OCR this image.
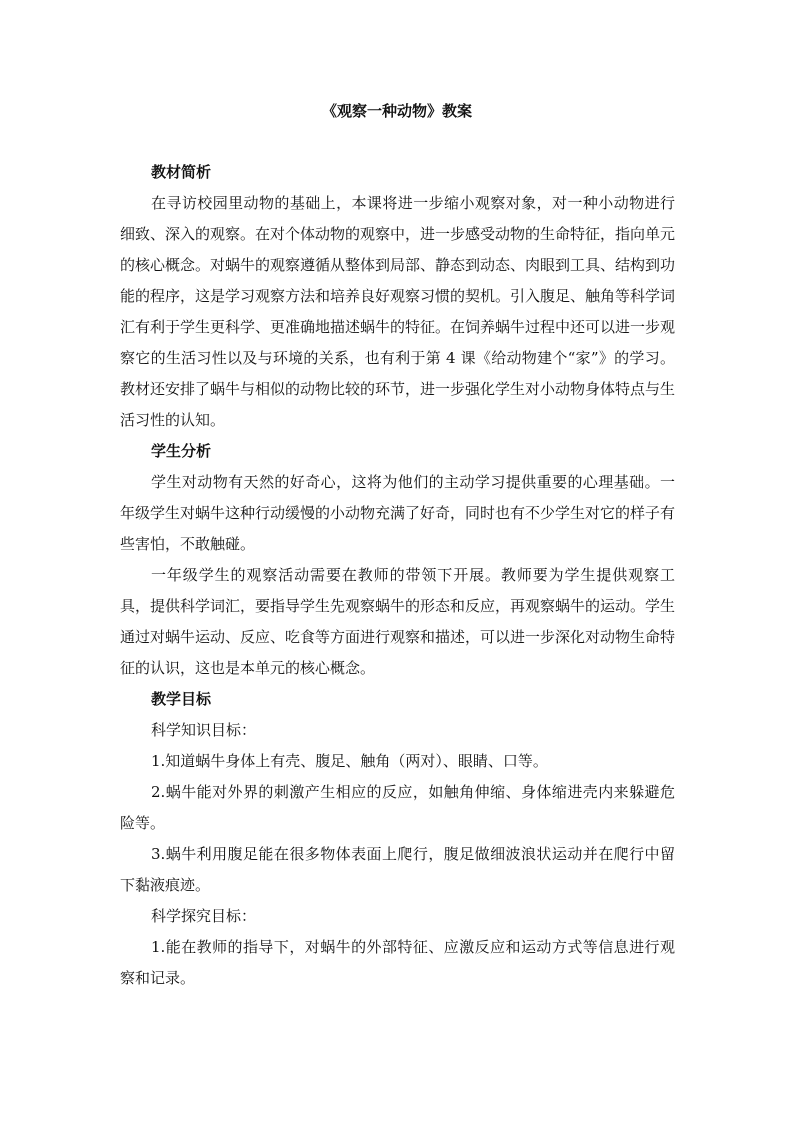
《观察一种动物》教案

教材简析

在寻访校园里动物的基础上，本课将进一步缩小观察对象，对一种小动物进行细致、深入的观察。在对个体动物的观察中，进一步感受动物的生命特征，指向单元的核心概念。对蜗牛的观察遵循从整体到局部、静态到动态、肉眼到工具、结构到功能的程序，这是学习观察方法和培养良好观察习惯的契机。引入腹足、触角等科学词汇有利于学生更科学、更准确地描述蜗牛的特征。在饲养蜗牛过程中还可以进一步观察它的生活习性以及与环境的关系，也有利于第 4 课《给动物建个“家”》的学习。教材还安排了蜗牛与相似的动物比较的环节，进一步强化学生对小动物身体特点与生活习性的认知。

学生分析

学生对动物有天然的好奇心，这将为他们的主动学习提供重要的心理基础。一年级学生对蜗牛这种行动缓慢的小动物充满了好奇，同时也有不少学生对它的样子有些害怕，不敢触碰。

一年级学生的观察活动需要在教师的带领下开展。教师要为学生提供观察工具，提供科学词汇，要指导学生先观察蜗牛的形态和反应，再观察蜗牛的运动。学生通过对蜗牛运动、反应、吃食等方面进行观察和描述，可以进一步深化对动物生命特征的认识，这也是本单元的核心概念。

教学目标

科学知识目标：

1.知道蜗牛身体上有壳、腹足、触角（两对）、眼睛、口等。

2.蜗牛能对外界的刺激产生相应的反应，如触角伸缩、身体缩进壳内来躲避危险等。

3.蜗牛利用腹足能在很多物体表面上爬行，腹足做细波浪状运动并在爬行中留下黏液痕迹。

科学探究目标：

1.能在教师的指导下，对蜗牛的外部特征、应激反应和运动方式等信息进行观察和记录。
